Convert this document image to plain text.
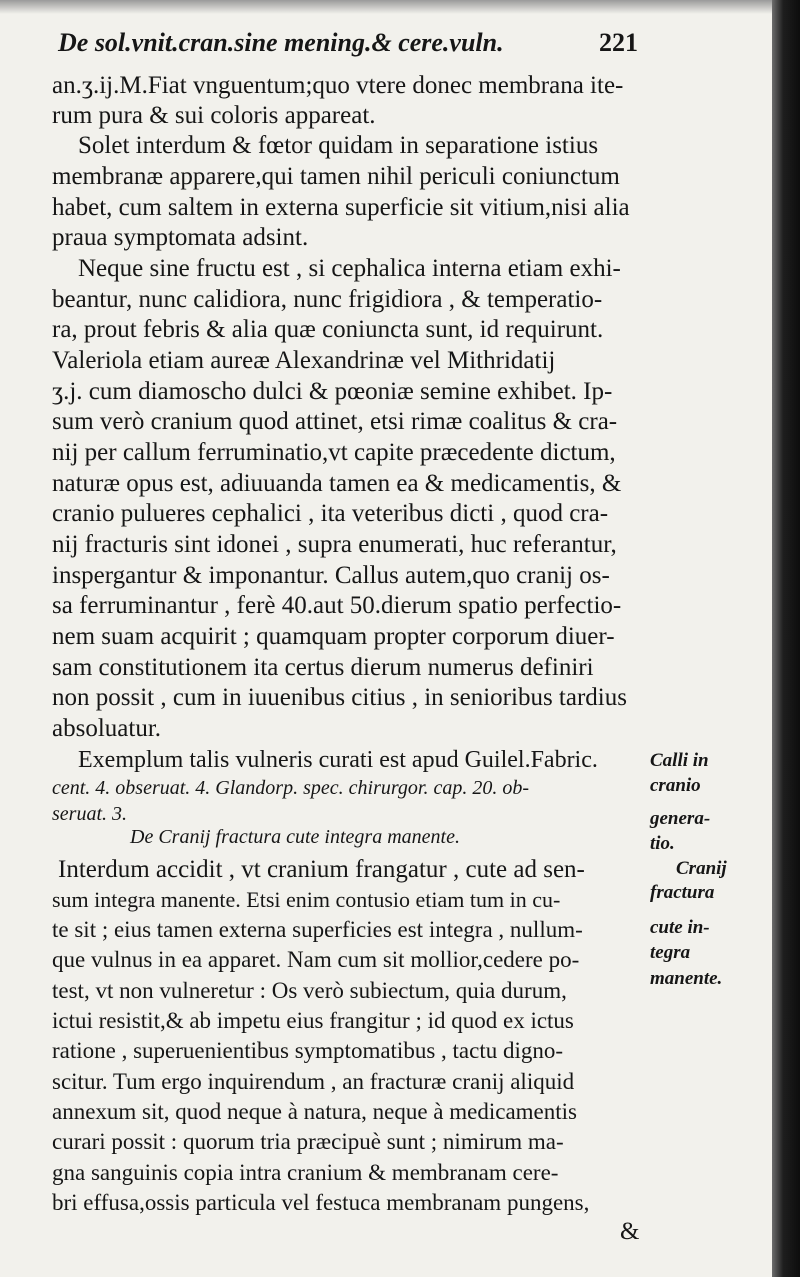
De sol.vnit.cran.sine mening.& cere.vuln.	221
an.ʒ.ij.M.Fiat vnguentum;quo vtere donec membrana ite-
rum pura & sui coloris appareat.
Solet interdum & fœtor quidam in separatione istius
membranæ apparere,qui tamen nihil periculi coniunctum
habet, cum saltem in externa superficie sit vitium,nisi alia
praua symptomata adsint.
Neque sine fructu est , si cephalica interna etiam exhi-
beantur, nunc calidiora, nunc frigidiora , & temperatio-
ra, prout febris & alia quæ coniuncta sunt, id requirunt.
Valeriola etiam aureæ Alexandrinæ vel Mithridatij
ʒ.j. cum diamoscho dulci & pœoniæ semine exhibet. Ip-
sum verò cranium quod attinet, etsi rimæ coalitus & cra-
nij per callum ferruminatio,vt capite præcedente dictum,
naturæ opus est, adiuuanda tamen ea & medicamentis, &
cranio pulueres cephalici , ita veteribus dicti , quod cra-
nij fracturis sint idonei , supra enumerati, huc referantur,
inspergantur & imponantur. Callus autem,quo cranij os-
sa ferruminantur , ferè 40.aut 50.dierum spatio perfectio-
nem suam acquirit ; quamquam propter corporum diuer-
sam constitutionem ita certus dierum numerus definiri
non possit , cum in iuuenibus citius , in senioribus tardius
absoluatur.
Exemplum talis vulneris curati est apud Guilel.Fabric.
cent. 4. obseruat. 4. Glandorp. spec. chirurgor. cap. 20. ob-
seruat. 3.
De Cranij fractura cute integra manente.
Interdum accidit , vt cranium frangatur , cute ad sen-
sum integra manente. Etsi enim contusio etiam tum in cu-
te sit ; eius tamen externa superficies est integra , nullum-
que vulnus in ea apparet. Nam cum sit mollior,cedere po-
test, vt non vulneretur : Os verò subiectum, quia durum,
ictui resistit,& ab impetu eius frangitur ; id quod ex ictus
ratione , superuenientibus symptomatibus , tactu digno-
scitur. Tum ergo inquirendum , an fracturæ cranij aliquid
annexum sit, quod neque à natura, neque à medicamentis
curari possit : quorum tria præcipuè sunt ; nimirum ma-
gna sanguinis copia intra cranium & membranam cere-
bri effusa,ossis particula vel festuca membranam pungens,
&
Calli in
cranio
genera-
tio.
Cranij
fractura
cute in-
tegra
manente.
